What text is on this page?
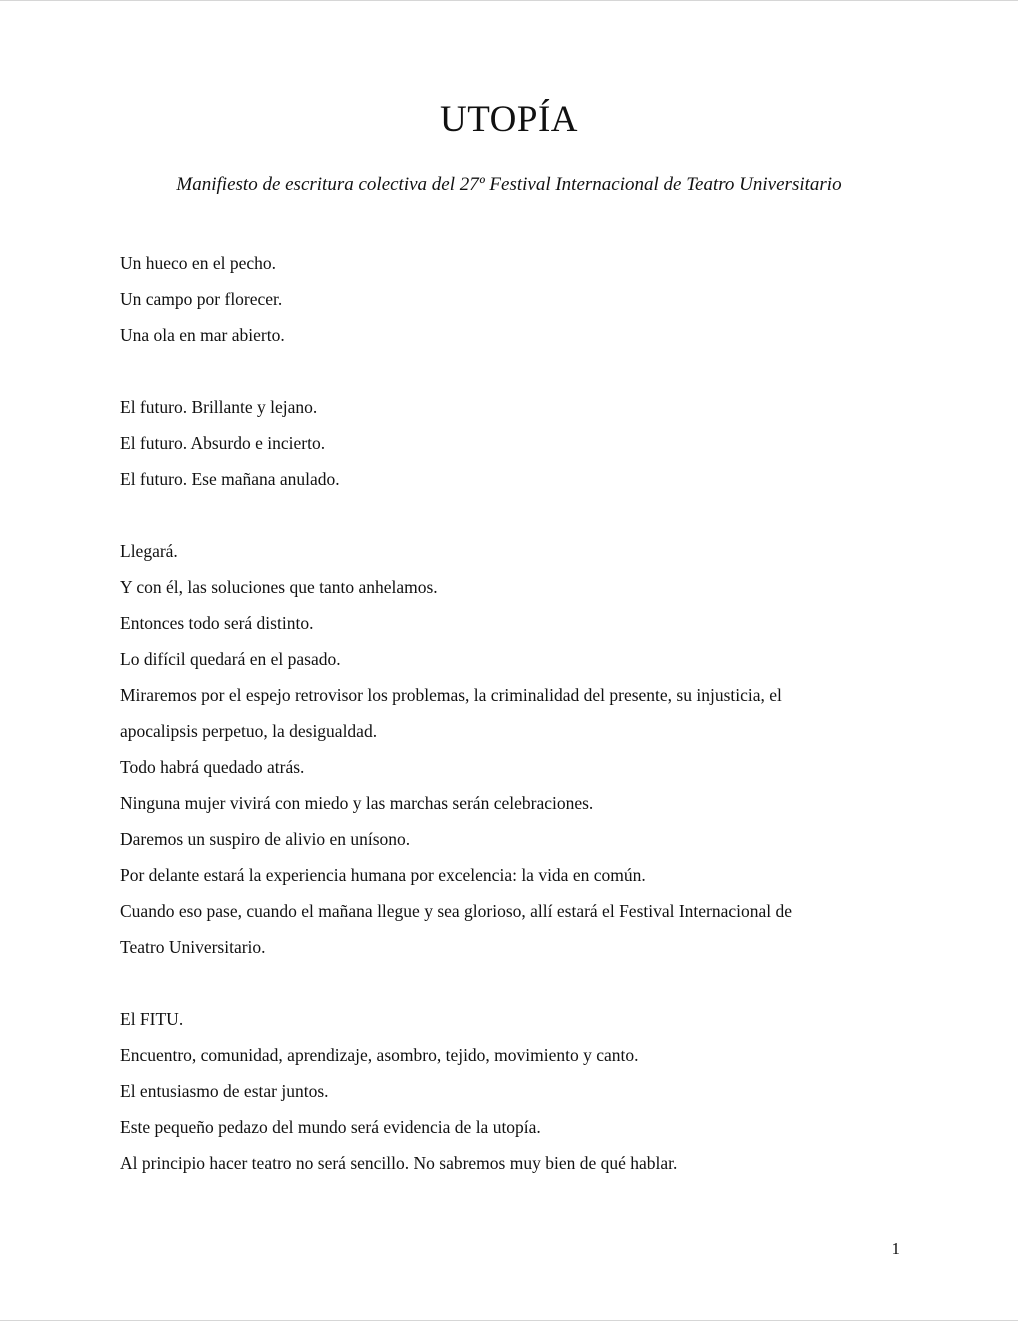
UTOPÍA
Manifiesto de escritura colectiva del 27º Festival Internacional de Teatro Universitario
Un hueco en el pecho.
Un campo por florecer.
Una ola en mar abierto.
El futuro. Brillante y lejano.
El futuro. Absurdo e incierto.
El futuro. Ese mañana anulado.
Llegará.
Y con él, las soluciones que tanto anhelamos.
Entonces todo será distinto.
Lo difícil quedará en el pasado.
Miraremos por el espejo retrovisor los problemas, la criminalidad del presente, su injusticia, el
apocalipsis perpetuo, la desigualdad.
Todo habrá quedado atrás.
Ninguna mujer vivirá con miedo y las marchas serán celebraciones.
Daremos un suspiro de alivio en unísono.
Por delante estará la experiencia humana por excelencia: la vida en común.
Cuando eso pase, cuando el mañana llegue y sea glorioso, allí estará el Festival Internacional de
Teatro Universitario.
El FITU.
Encuentro, comunidad, aprendizaje, asombro, tejido, movimiento y canto.
El entusiasmo de estar juntos.
Este pequeño pedazo del mundo será evidencia de la utopía.
Al principio hacer teatro no será sencillo. No sabremos muy bien de qué hablar.
1
